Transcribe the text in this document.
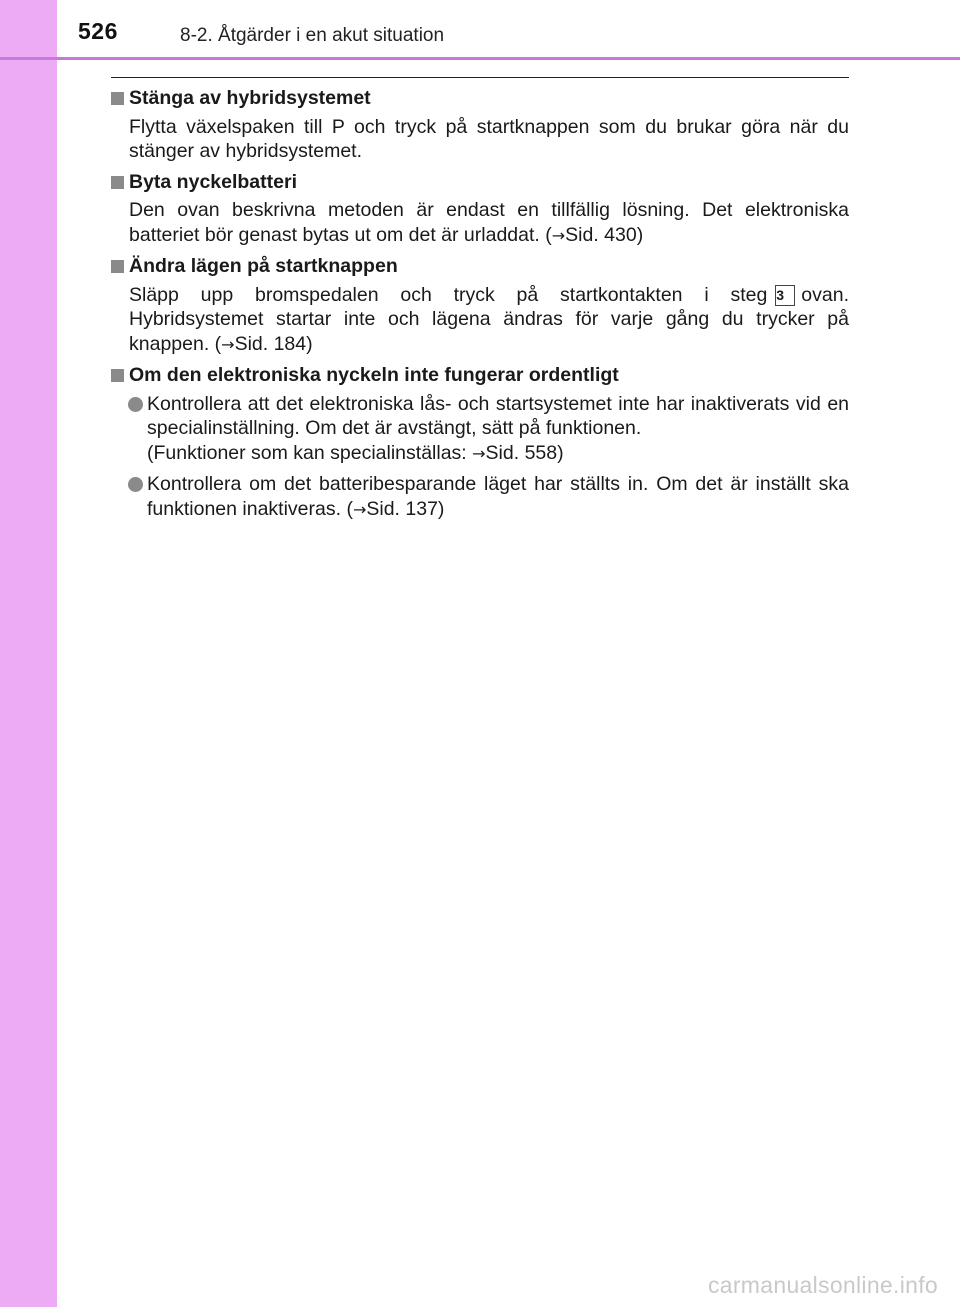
526	8-2. Åtgärder i en akut situation
Stänga av hybridsystemet
Flytta växelspaken till P och tryck på startknappen som du brukar göra när du stänger av hybridsystemet.
Byta nyckelbatteri
Den ovan beskrivna metoden är endast en tillfällig lösning. Det elektroniska batteriet bör genast bytas ut om det är urladdat. (→Sid. 430)
Ändra lägen på startknappen
Släpp upp bromspedalen och tryck på startkontakten i steg 3 ovan. Hybridsystemet startar inte och lägena ändras för varje gång du trycker på knappen. (→Sid. 184)
Om den elektroniska nyckeln inte fungerar ordentligt
Kontrollera att det elektroniska lås- och startsystemet inte har inaktiverats vid en specialinställning. Om det är avstängt, sätt på funktionen.
(Funktioner som kan specialinställas: →Sid. 558)
Kontrollera om det batteribesparande läget har ställts in. Om det är inställt ska funktionen inaktiveras. (→Sid. 137)
carmanualsonline.info
